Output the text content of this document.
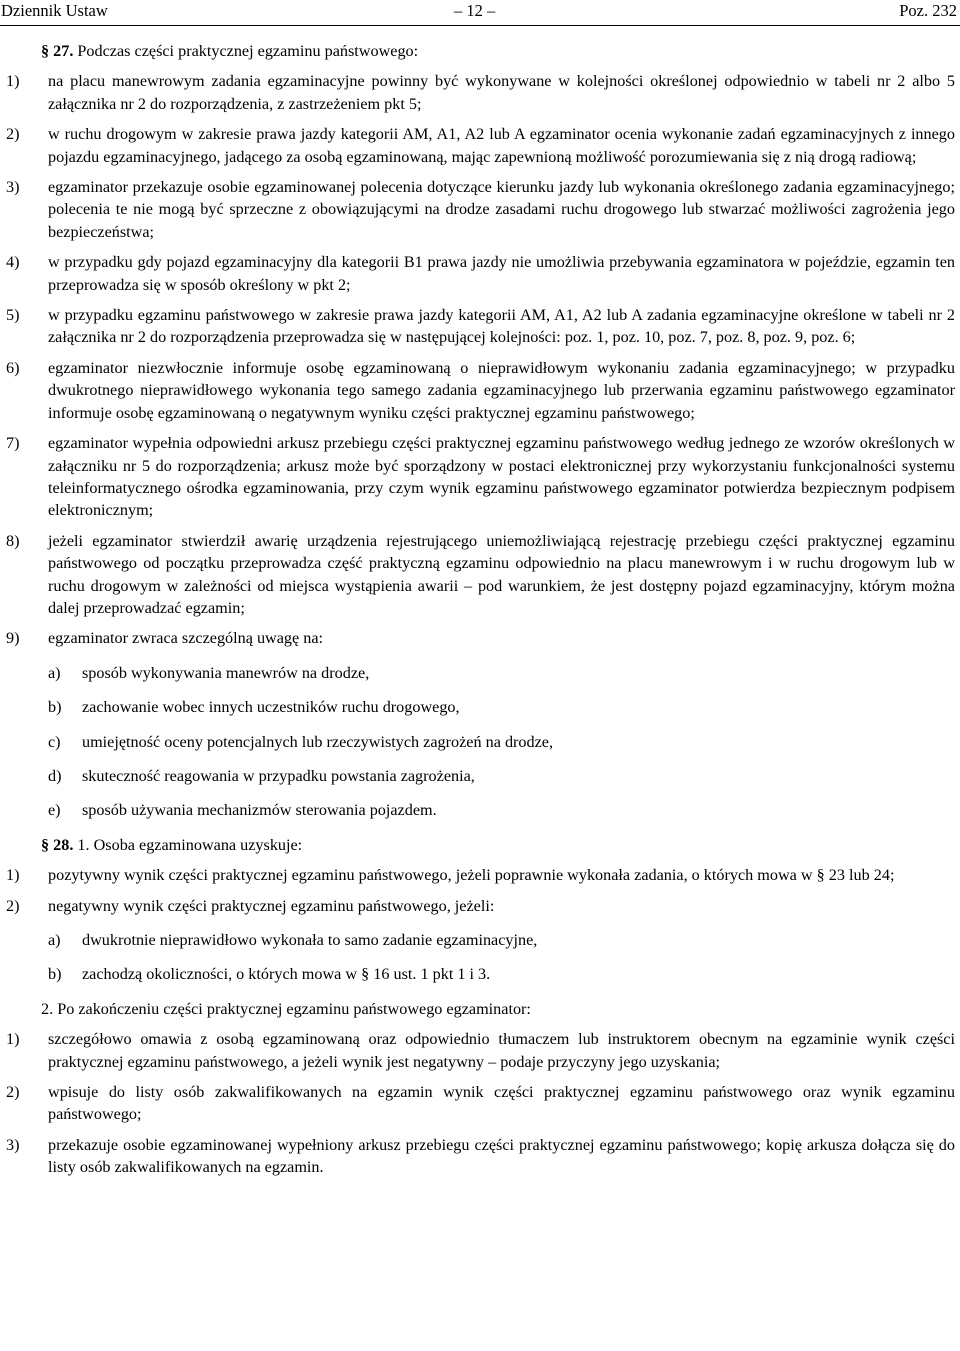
Dziennik Ustaw	– 12 –	Poz. 232

§ 27. Podczas części praktycznej egzaminu państwowego:

1) na placu manewrowym zadania egzaminacyjne powinny być wykonywane w kolejności określonej odpowiednio w tabeli nr 2 albo 5 załącznika nr 2 do rozporządzenia, z zastrzeżeniem pkt 5;
2) w ruchu drogowym w zakresie prawa jazdy kategorii AM, A1, A2 lub A egzaminator ocenia wykonanie zadań egzaminacyjnych z innego pojazdu egzaminacyjnego, jadącego za osobą egzaminowaną, mając zapewnioną możliwość porozumiewania się z nią drogą radiową;
3) egzaminator przekazuje osobie egzaminowanej polecenia dotyczące kierunku jazdy lub wykonania określonego zadania egzaminacyjnego; polecenia te nie mogą być sprzeczne z obowiązującymi na drodze zasadami ruchu drogowego lub stwarzać możliwości zagrożenia jego bezpieczeństwa;
4) w przypadku gdy pojazd egzaminacyjny dla kategorii B1 prawa jazdy nie umożliwia przebywania egzaminatora w pojeździe, egzamin ten przeprowadza się w sposób określony w pkt 2;
5) w przypadku egzaminu państwowego w zakresie prawa jazdy kategorii AM, A1, A2 lub A zadania egzaminacyjne określone w tabeli nr 2 załącznika nr 2 do rozporządzenia przeprowadza się w następującej kolejności: poz. 1, poz. 10, poz. 7, poz. 8, poz. 9, poz. 6;
6) egzaminator niezwłocznie informuje osobę egzaminowaną o nieprawidłowym wykonaniu zadania egzaminacyjnego; w przypadku dwukrotnego nieprawidłowego wykonania tego samego zadania egzaminacyjnego lub przerwania egzaminu państwowego egzaminator informuje osobę egzaminowaną o negatywnym wyniku części praktycznej egzaminu państwowego;
7) egzaminator wypełnia odpowiedni arkusz przebiegu części praktycznej egzaminu państwowego według jednego ze wzorów określonych w załączniku nr 5 do rozporządzenia; arkusz może być sporządzony w postaci elektronicznej przy wykorzystaniu funkcjonalności systemu teleinformatycznego ośrodka egzaminowania, przy czym wynik egzaminu państwowego egzaminator potwierdza bezpiecznym podpisem elektronicznym;
8) jeżeli egzaminator stwierdził awarię urządzenia rejestrującego uniemożliwiającą rejestrację przebiegu części praktycznej egzaminu państwowego od początku przeprowadza część praktyczną egzaminu odpowiednio na placu manewrowym i w ruchu drogowym lub w ruchu drogowym w zależności od miejsca wystąpienia awarii – pod warunkiem, że jest dostępny pojazd egzaminacyjny, którym można dalej przeprowadzać egzamin;
9) egzaminator zwraca szczególną uwagę na:
a) sposób wykonywania manewrów na drodze,
b) zachowanie wobec innych uczestników ruchu drogowego,
c) umiejętność oceny potencjalnych lub rzeczywistych zagrożeń na drodze,
d) skuteczność reagowania w przypadku powstania zagrożenia,
e) sposób używania mechanizmów sterowania pojazdem.

§ 28. 1. Osoba egzaminowana uzyskuje:

1) pozytywny wynik części praktycznej egzaminu państwowego, jeżeli poprawnie wykonała zadania, o których mowa w § 23 lub 24;
2) negatywny wynik części praktycznej egzaminu państwowego, jeżeli:
a) dwukrotnie nieprawidłowo wykonała to samo zadanie egzaminacyjne,
b) zachodzą okoliczności, o których mowa w § 16 ust. 1 pkt 1 i 3.

2. Po zakończeniu części praktycznej egzaminu państwowego egzaminator:

1) szczegółowo omawia z osobą egzaminowaną oraz odpowiednio tłumaczem lub instruktorem obecnym na egzaminie wynik części praktycznej egzaminu państwowego, a jeżeli wynik jest negatywny – podaje przyczyny jego uzyskania;
2) wpisuje do listy osób zakwalifikowanych na egzamin wynik części praktycznej egzaminu państwowego oraz wynik egzaminu państwowego;
3) przekazuje osobie egzaminowanej wypełniony arkusz przebiegu części praktycznej egzaminu państwowego; kopię arkusza dołącza się do listy osób zakwalifikowanych na egzamin.
